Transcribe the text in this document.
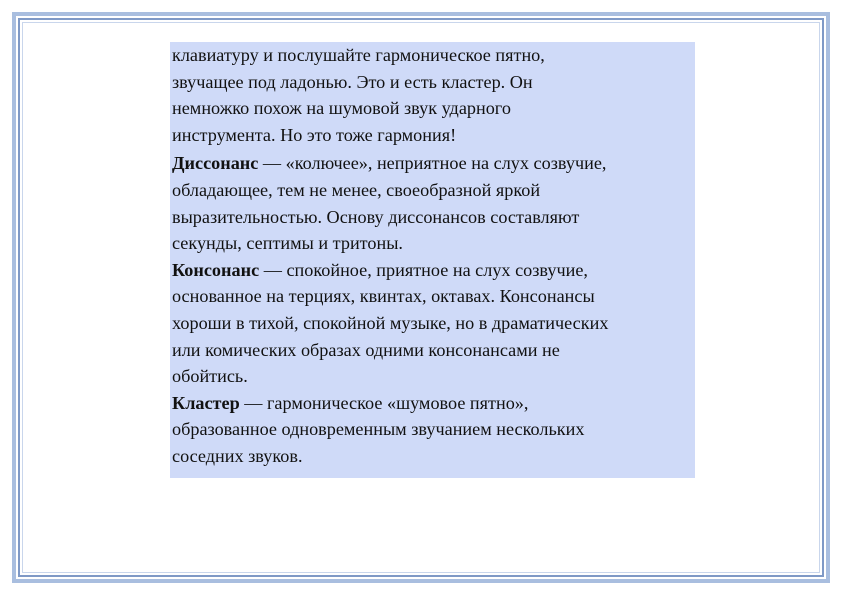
клавиатуру и послушайте гармоническое пятно,
звучащее под ладонью. Это и есть кластер. Он
немножко похож на шумовой звук ударного
инструмента. Но это тоже гармония!

Диссонанс — «колючее», неприятное на слух созвучие,
обладающее, тем не менее, своеобразной яркой
выразительностью. Основу диссонансов составляют
секунды, септимы и тритоны.

Консонанс — спокойное, приятное на слух созвучие,
основанное на терциях, квинтах, октавах. Консонансы
хороши в тихой, спокойной музыке, но в драматических
или комических образах одними консонансами не
обойтись.

Кластер — гармоническое «шумовое пятно»,
образованное одновременным звучанием нескольких
соседних звуков.
